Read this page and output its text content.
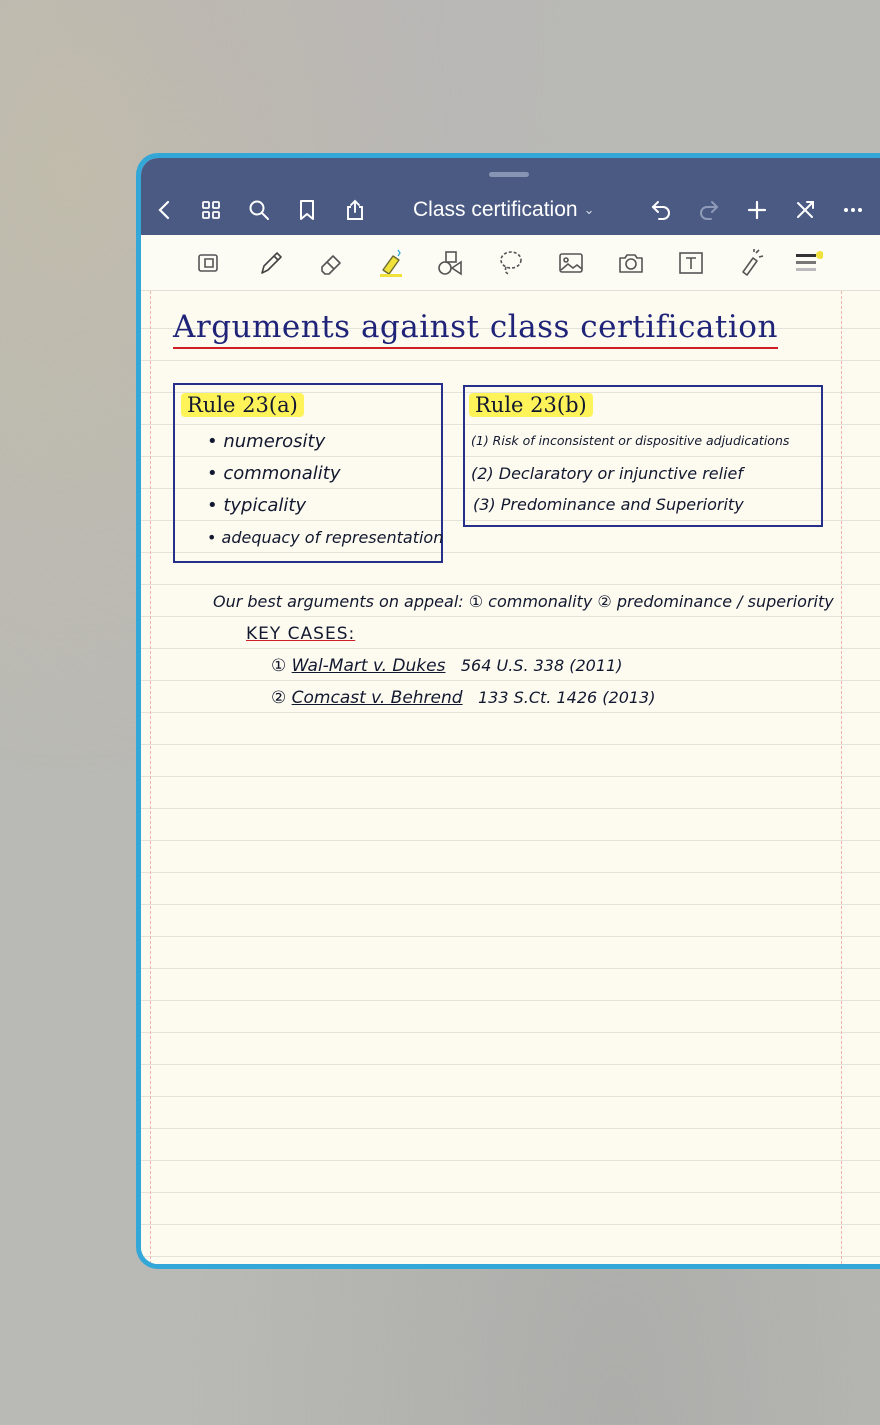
Class certification ⌄
Arguments against class certification
Rule 23(a)
• numerosity
• commonality
• typicality
• adequacy of representation
Rule 23(b)
(1) Risk of inconsistent or dispositive adjudications
(2) Declaratory or injunctive relief
(3) Predominance and Superiority
Our best arguments on appeal: ① commonality ② predominance / superiority
KEY CASES:
① Wal-Mart v. Dukes 564 U.S. 338 (2011)
② Comcast v. Behrend 133 S.Ct. 1426 (2013)
